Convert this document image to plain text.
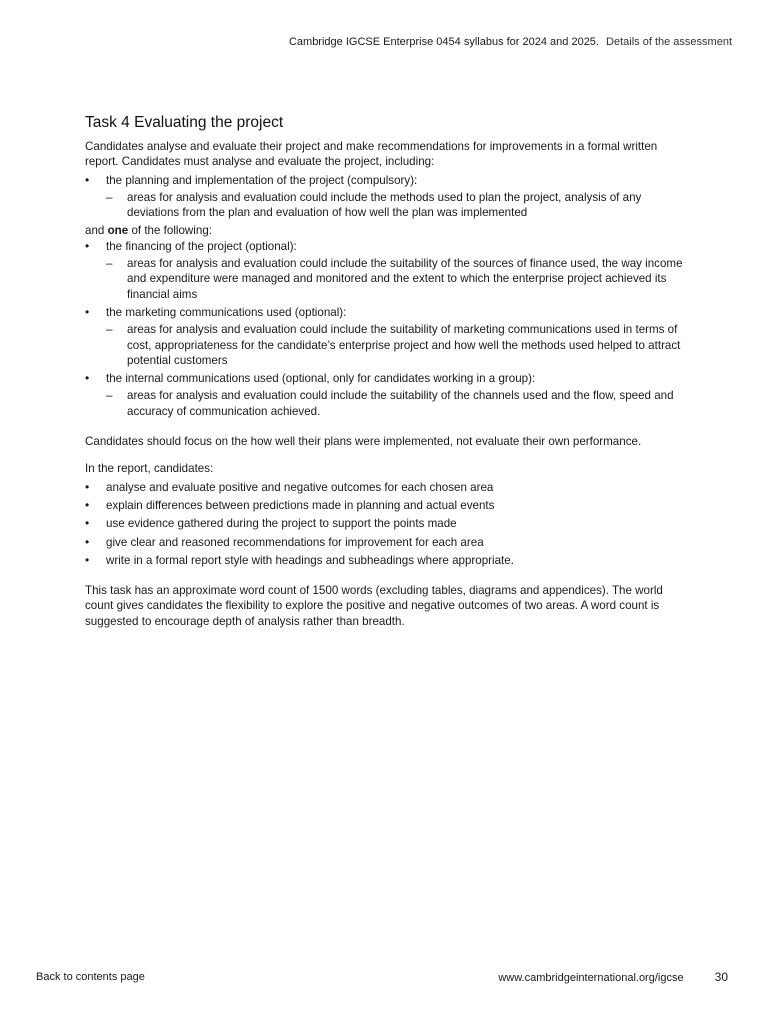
Cambridge IGCSE Enterprise 0454 syllabus for 2024 and 2025. Details of the assessment
Task 4 Evaluating the project

Candidates analyse and evaluate their project and make recommendations for improvements in a formal written report. Candidates must analyse and evaluate the project, including:

• the planning and implementation of the project (compulsory):
– areas for analysis and evaluation could include the methods used to plan the project, analysis of any deviations from the plan and evaluation of how well the plan was implemented

and one of the following:

• the financing of the project (optional):
– areas for analysis and evaluation could include the suitability of the sources of finance used, the way income and expenditure were managed and monitored and the extent to which the enterprise project achieved its financial aims
• the marketing communications used (optional):
– areas for analysis and evaluation could include the suitability of marketing communications used in terms of cost, appropriateness for the candidate’s enterprise project and how well the methods used helped to attract potential customers
• the internal communications used (optional, only for candidates working in a group):
– areas for analysis and evaluation could include the suitability of the channels used and the flow, speed and accuracy of communication achieved.

Candidates should focus on the how well their plans were implemented, not evaluate their own performance.

In the report, candidates:

• analyse and evaluate positive and negative outcomes for each chosen area
• explain differences between predictions made in planning and actual events
• use evidence gathered during the project to support the points made
• give clear and reasoned recommendations for improvement for each area
• write in a formal report style with headings and subheadings where appropriate.

This task has an approximate word count of 1500 words (excluding tables, diagrams and appendices). The world count gives candidates the flexibility to explore the positive and negative outcomes of two areas. A word count is suggested to encourage depth of analysis rather than breadth.

Back to contents page	www.cambridgeinternational.org/igcse	30
